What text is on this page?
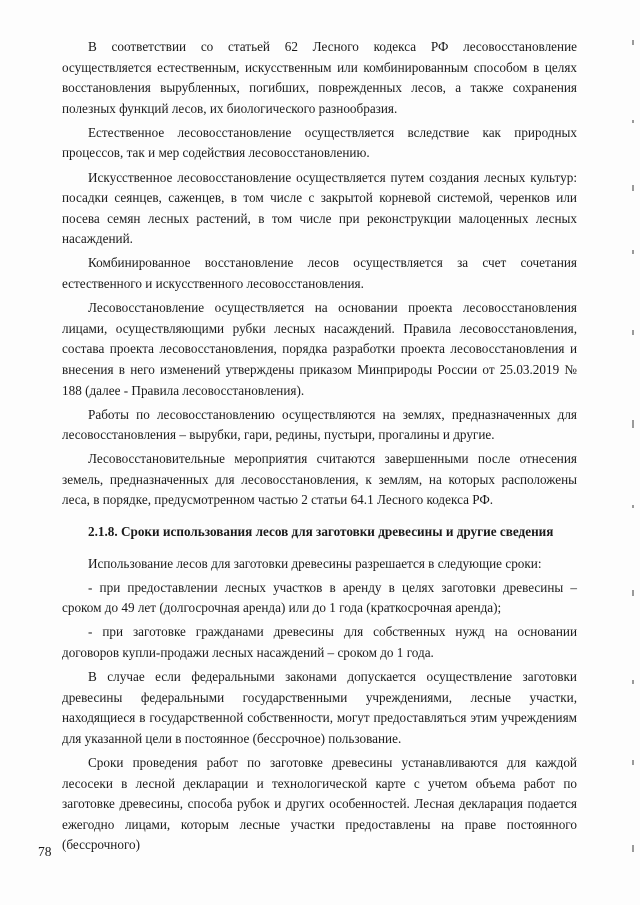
В соответствии со статьей 62 Лесного кодекса РФ лесовосстановление осуществляется естественным, искусственным или комбинированным способом в целях восстановления вырубленных, погибших, поврежденных лесов, а также сохранения полезных функций лесов, их биологического разнообразия.

Естественное лесовосстановление осуществляется вследствие как природных процессов, так и мер содействия лесовосстановлению.

Искусственное лесовосстановление осуществляется путем создания лесных культур: посадки сеянцев, саженцев, в том числе с закрытой корневой системой, черенков или посева семян лесных растений, в том числе при реконструкции малоценных лесных насаждений.

Комбинированное восстановление лесов осуществляется за счет сочетания естественного и искусственного лесовосстановления.

Лесовосстановление осуществляется на основании проекта лесовосстановления лицами, осуществляющими рубки лесных насаждений. Правила лесовосстановления, состава проекта лесовосстановления, порядка разработки проекта лесовосстановления и внесения в него изменений утверждены приказом Минприроды России от 25.03.2019 № 188 (далее - Правила лесовосстановления).

Работы по лесовосстановлению осуществляются на землях, предназначенных для лесовосстановления – вырубки, гари, редины, пустыри, прогалины и другие.

Лесовосстановительные мероприятия считаются завершенными после отнесения земель, предназначенных для лесовосстановления, к землям, на которых расположены леса, в порядке, предусмотренном частью 2 статьи 64.1 Лесного кодекса РФ.

2.1.8. Сроки использования лесов для заготовки древесины и другие сведения

Использование лесов для заготовки древесины разрешается в следующие сроки:

- при предоставлении лесных участков в аренду в целях заготовки древесины – сроком до 49 лет (долгосрочная аренда) или до 1 года (краткосрочная аренда);

- при заготовке гражданами древесины для собственных нужд на основании договоров купли-продажи лесных насаждений – сроком до 1 года.

В случае если федеральными законами допускается осуществление заготовки древесины федеральными государственными учреждениями, лесные участки, находящиеся в государственной собственности, могут предоставляться этим учреждениям для указанной цели в постоянное (бессрочное) пользование.

Сроки проведения работ по заготовке древесины устанавливаются для каждой лесосеки в лесной декларации и технологической карте с учетом объема работ по заготовке древесины, способа рубок и других особенностей. Лесная декларация подается ежегодно лицами, которым лесные участки предоставлены на праве постоянного (бессрочного)

78
